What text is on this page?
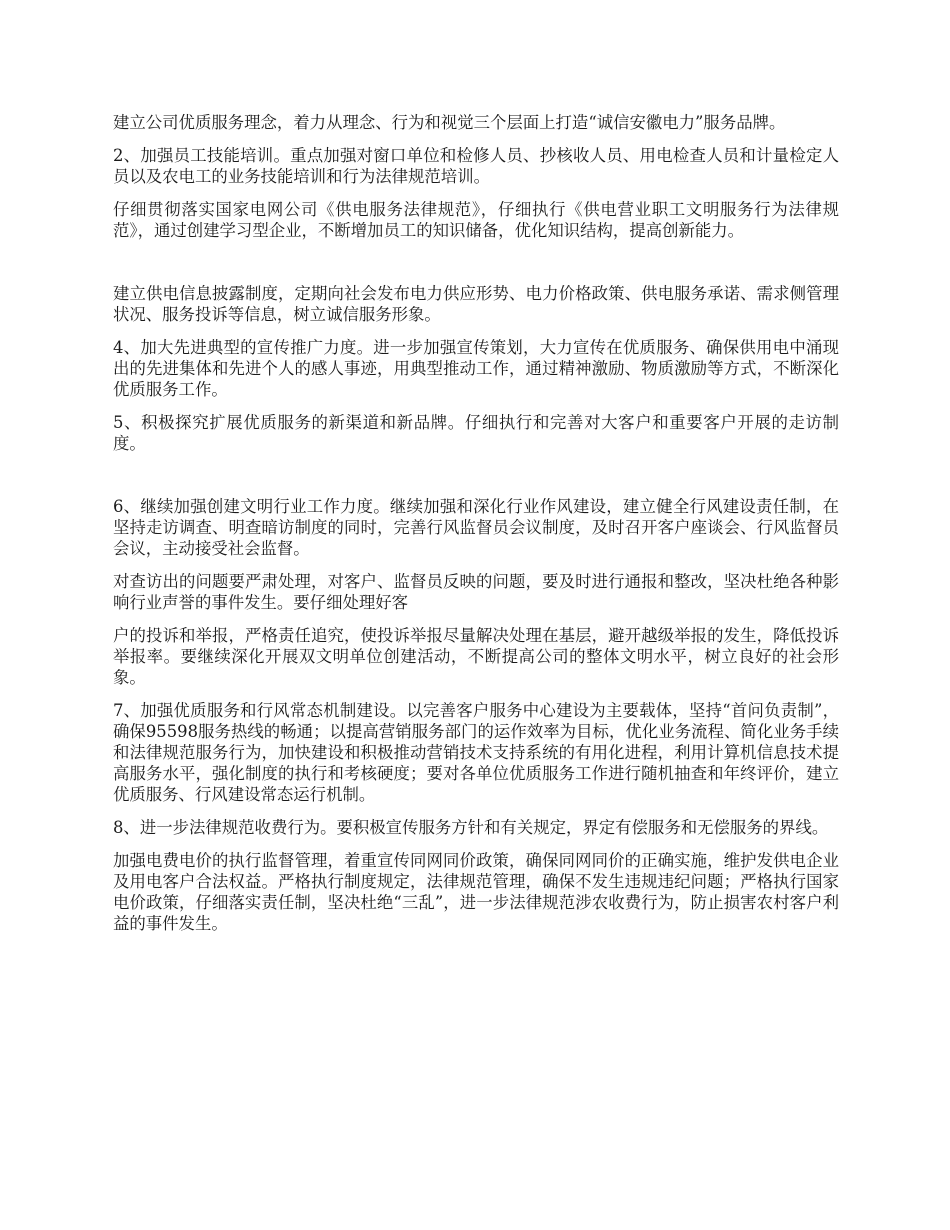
建立公司优质服务理念，着力从理念、行为和视觉三个层面上打造“诚信安徽电力”服务品牌。

2、加强员工技能培训。重点加强对窗口单位和检修人员、抄核收人员、用电检查人员和计量检定人员以及农电工的业务技能培训和行为法律规范培训。

仔细贯彻落实国家电网公司《供电服务法律规范》，仔细执行《供电营业职工文明服务行为法律规范》，通过创建学习型企业，不断增加员工的知识储备，优化知识结构，提高创新能力。

建立供电信息披露制度，定期向社会发布电力供应形势、电力价格政策、供电服务承诺、需求侧管理状况、服务投诉等信息，树立诚信服务形象。

4、加大先进典型的宣传推广力度。进一步加强宣传策划，大力宣传在优质服务、确保供用电中涌现出的先进集体和先进个人的感人事迹，用典型推动工作，通过精神激励、物质激励等方式，不断深化优质服务工作。

5、积极探究扩展优质服务的新渠道和新品牌。仔细执行和完善对大客户和重要客户开展的走访制度。

6、继续加强创建文明行业工作力度。继续加强和深化行业作风建设，建立健全行风建设责任制，在坚持走访调查、明查暗访制度的同时，完善行风监督员会议制度，及时召开客户座谈会、行风监督员会议，主动接受社会监督。

对查访出的问题要严肃处理，对客户、监督员反映的问题，要及时进行通报和整改，坚决杜绝各种影响行业声誉的事件发生。要仔细处理好客

户的投诉和举报，严格责任追究，使投诉举报尽量解决处理在基层，避开越级举报的发生，降低投诉举报率。要继续深化开展双文明单位创建活动，不断提高公司的整体文明水平，树立良好的社会形象。

7、加强优质服务和行风常态机制建设。以完善客户服务中心建设为主要载体，坚持“首问负责制”，确保95598服务热线的畅通；以提高营销服务部门的运作效率为目标，优化业务流程、简化业务手续和法律规范服务行为，加快建设和积极推动营销技术支持系统的有用化进程，利用计算机信息技术提高服务水平，强化制度的执行和考核硬度；要对各单位优质服务工作进行随机抽查和年终评价，建立优质服务、行风建设常态运行机制。

8、进一步法律规范收费行为。要积极宣传服务方针和有关规定，界定有偿服务和无偿服务的界线。

加强电费电价的执行监督管理，着重宣传同网同价政策，确保同网同价的正确实施，维护发供电企业及用电客户合法权益。严格执行制度规定，法律规范管理，确保不发生违规违纪问题；严格执行国家电价政策，仔细落实责任制，坚决杜绝“三乱”，进一步法律规范涉农收费行为，防止损害农村客户利益的事件发生。
